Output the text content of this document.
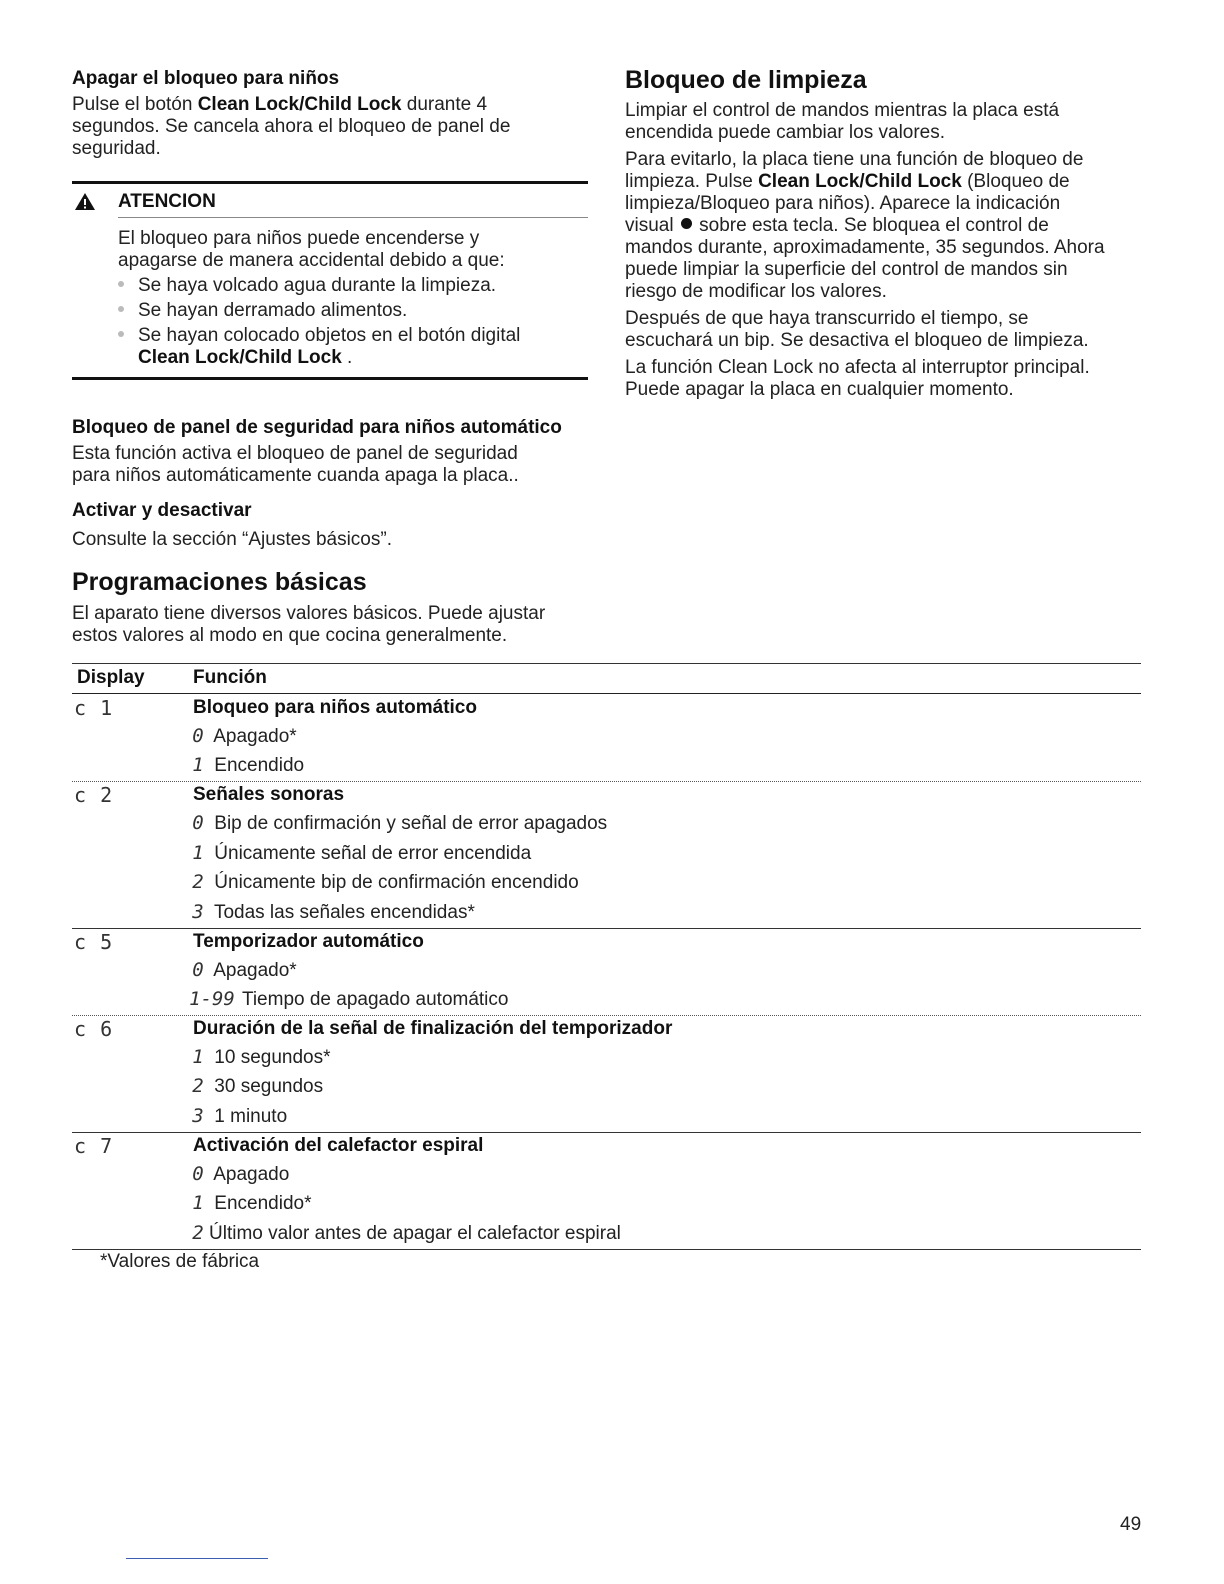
Apagar el bloqueo para niños
Pulse el botón Clean Lock/Child Lock durante 4
segundos. Se cancela ahora el bloqueo de panel de
seguridad.
ATENCION
El bloqueo para niños puede encenderse y
apagarse de manera accidental debido a que:
Se haya volcado agua durante la limpieza.
Se hayan derramado alimentos.
Se hayan colocado objetos en el botón digital
Clean Lock/Child Lock .
Bloqueo de panel de seguridad para niños automático
Esta función activa el bloqueo de panel de seguridad
para niños automáticamente cuanda apaga la placa..
Activar y desactivar
Consulte la sección “Ajustes básicos”.
Programaciones básicas
El aparato tiene diversos valores básicos. Puede ajustar
estos valores al modo en que cocina generalmente.
Bloqueo de limpieza
Limpiar el control de mandos mientras la placa está
encendida puede cambiar los valores.
Para evitarlo, la placa tiene una función de bloqueo de
limpieza. Pulse Clean Lock/Child Lock (Bloqueo de
limpieza/Bloqueo para niños). Aparece la indicación
visual  sobre esta tecla. Se bloquea el control de
mandos durante, aproximadamente, 35 segundos. Ahora
puede limpiar la superficie del control de mandos sin
riesgo de modificar los valores.
Después de que haya transcurrido el tiempo, se
escuchará un bip. Se desactiva el bloqueo de limpieza.
La función Clean Lock no afecta al interruptor principal.
Puede apagar la placa en cualquier momento.
Display	Función
c 1	Bloqueo para niños automático
0 Apagado*
1 Encendido
c 2	Señales sonoras
0 Bip de confirmación y señal de error apagados
1 Únicamente señal de error encendida
2 Únicamente bip de confirmación encendido
3 Todas las señales encendidas*
c 5	Temporizador automático
0 Apagado*
1-99 Tiempo de apagado automático
c 6	Duración de la señal de finalización del temporizador
1 10 segundos*
2 30 segundos
3 1 minuto
c 7	Activación del calefactor espiral
0 Apagado
1 Encendido*
2 Último valor antes de apagar el calefactor espiral
*Valores de fábrica
49
